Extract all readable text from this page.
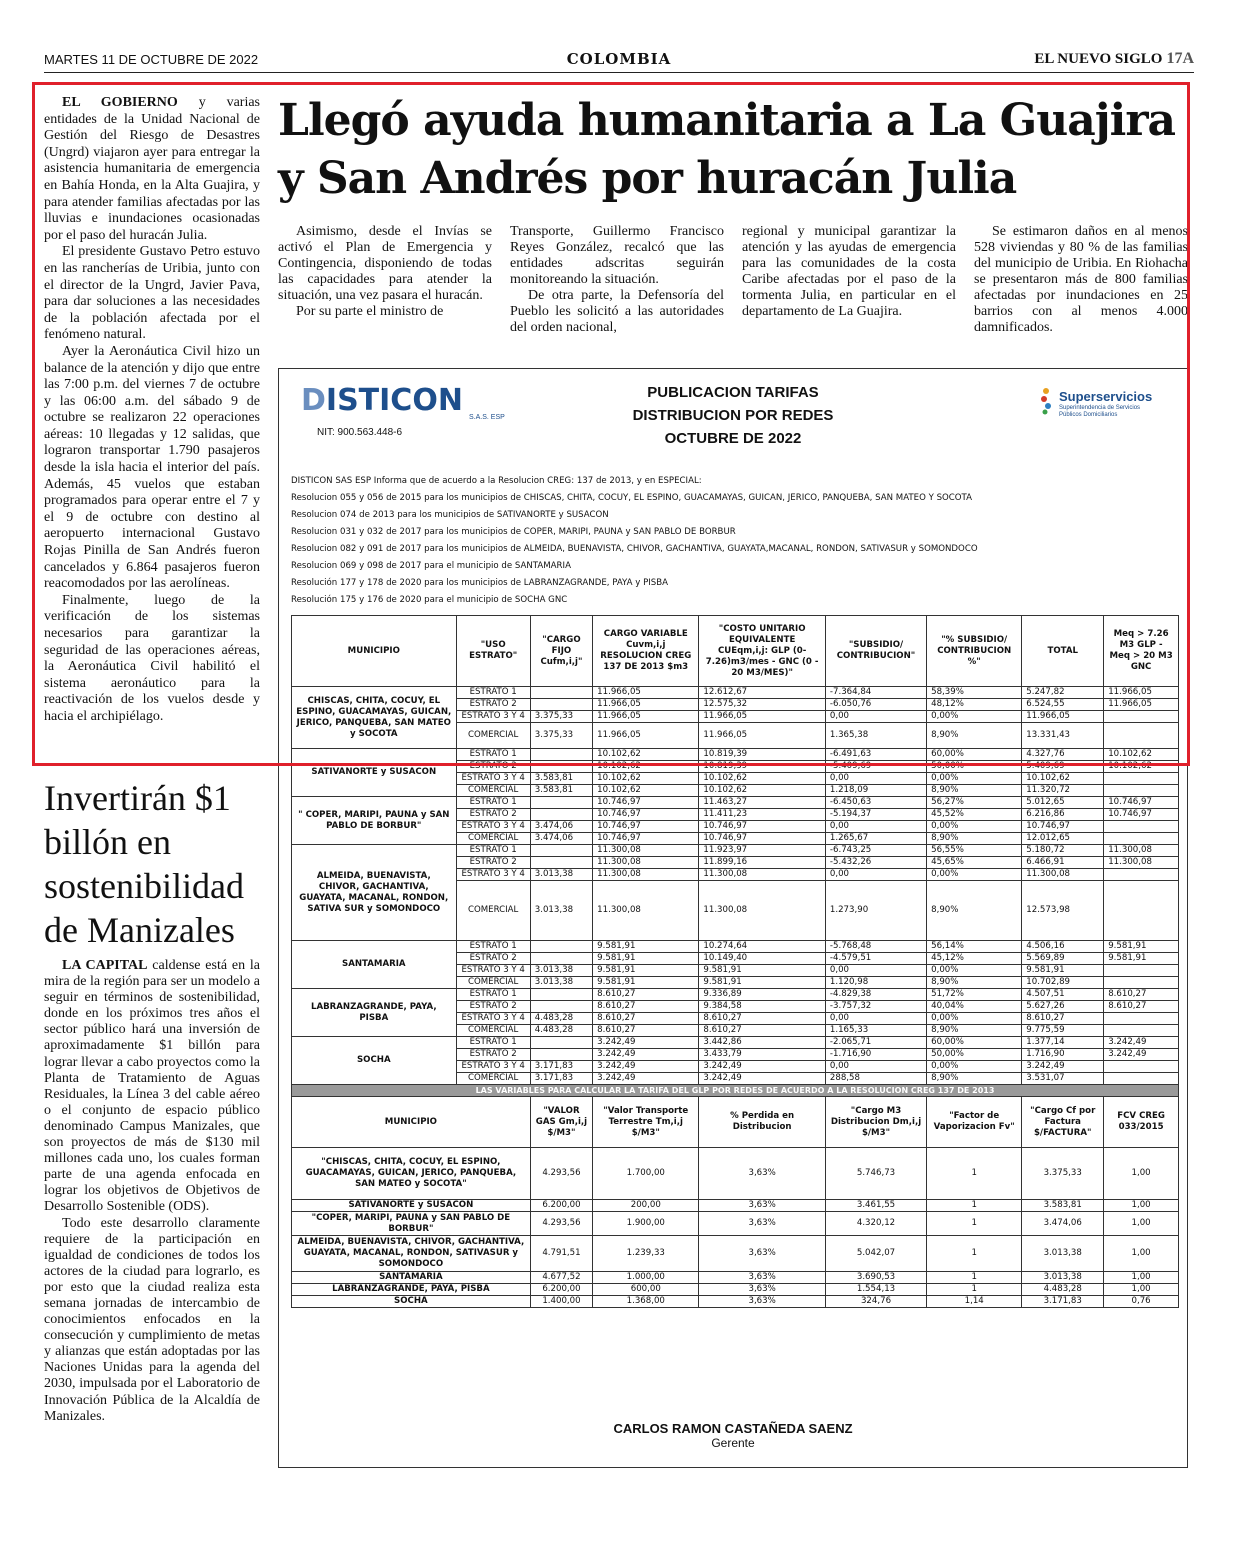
MARTES 11 DE OCTUBRE DE 2022	COLOMBIA	EL NUEVO SIGLO 17A

EL GOBIERNO y varias entidades de la Unidad Nacional de Gestión del Riesgo de Desastres (Ungrd) viajaron ayer para entregar la asistencia humanitaria de emergencia en Bahía Honda, en la Alta Guajira, y para atender familias afectadas por las lluvias e inundaciones ocasionadas por el paso del huracán Julia.

El presidente Gustavo Petro estuvo en las rancherías de Uribia, junto con el director de la Ungrd, Javier Pava, para dar soluciones a las necesidades de la población afectada por el fenómeno natural.

Ayer la Aeronáutica Civil hizo un balance de la atención y dijo que entre las 7:00 p.m. del viernes 7 de octubre y las 06:00 a.m. del sábado 9 de octubre se realizaron 22 operaciones aéreas: 10 llegadas y 12 salidas, que lograron transportar 1.790 pasajeros desde la isla hacia el interior del país. Además, 45 vuelos que estaban programados para operar entre el 7 y el 9 de octubre con destino al aeropuerto internacional Gustavo Rojas Pinilla de San Andrés fueron cancelados y 6.864 pasajeros fueron reacomodados por las aerolíneas.

Finalmente, luego de la verificación de los sistemas necesarios para garantizar la seguridad de las operaciones aéreas, la Aeronáutica Civil habilitó el sistema aeronáutico para la reactivación de los vuelos desde y hacia el archipiélago.

Llegó ayuda humanitaria a La Guajira y San Andrés por huracán Julia

Asimismo, desde el Invías se activó el Plan de Emergencia y Contingencia, disponiendo de todas las capacidades para atender la situación, una vez pasara el huracán.

Por su parte el ministro de

Transporte, Guillermo Francisco Reyes González, recalcó que las entidades adscritas seguirán monitoreando la situación.

De otra parte, la Defensoría del Pueblo les solicitó a las autoridades del orden nacional,

regional y municipal garantizar la atención y las ayudas de emergencia para las comunidades de la costa Caribe afectadas por el paso de la tormenta Julia, en particular en el departamento de La Guajira.

Se estimaron daños en al menos 528 viviendas y 80 % de las familias del municipio de Uribia. En Riohacha se presentaron más de 800 familias afectadas por inundaciones en 25 barrios con al menos 4.000 damnificados.

DISTICON S.A.S. ESP
NIT: 900.563.448-6
PUBLICACION TARIFAS
DISTRIBUCION POR REDES
OCTUBRE DE 2022
Superservicios
Superintendencia de Servicios Públicos Domiciliarios
DISTICON SAS ESP Informa que de acuerdo a la Resolucion CREG: 137 de 2013, y en ESPECIAL:
Resolucion 055 y 056 de 2015 para los municipios de CHISCAS, CHITA, COCUY, EL ESPINO, GUACAMAYAS, GUICAN, JERICO, PANQUEBA, SAN MATEO Y SOCOTA
Resolucion 074 de 2013 para los municipios de SATIVANORTE y SUSACON
Resolucion 031 y 032 de 2017 para los municipios de COPER, MARIPI, PAUNA y SAN PABLO DE BORBUR
Resolucion 082 y 091 de 2017 para los municipios de ALMEIDA, BUENAVISTA, CHIVOR, GACHANTIVA, GUAYATA,MACANAL, RONDON, SATIVASUR y SOMONDOCO
Resolucion 069 y 098 de 2017 para el municipio de SANTAMARIA
Resolución 177 y 178 de 2020 para los municipios de LABRANZAGRANDE, PAYA y PISBA
Resolución 175 y 176 de 2020 para el municipio de SOCHA GNC
MUNICIPIO	"USO ESTRATO"	"CARGO FIJO Cufm,i,j"	CARGO VARIABLE Cuvm,i,j RESOLUCION CREG 137 DE 2013 $m3	"COSTO UNITARIO EQUIVALENTE CUEqm,i,j: GLP (0-7.26)m3/mes - GNC (0 - 20 M3/MES)"	"SUBSIDIO/ CONTRIBUCION"	"% SUBSIDIO/ CONTRIBUCION %"	TOTAL	Meq > 7.26 M3 GLP - Meq > 20 M3 GNC
CHISCAS, CHITA, COCUY, EL ESPINO, GUACAMAYAS, GUICAN, JERICO, PANQUEBA, SAN MATEO y SOCOTA	ESTRATO 1		11.966,05	12.612,67	-7.364,84	58,39%	5.247,82	11.966,05
	ESTRATO 2		11.966,05	12.575,32	-6.050,76	48,12%	6.524,55	11.966,05
	ESTRATO 3 Y 4	3.375,33	11.966,05	11.966,05	0,00	0,00%	11.966,05	
	COMERCIAL	3.375,33	11.966,05	11.966,05	1.365,38	8,90%	13.331,43	
SATIVANORTE y SUSACON	ESTRATO 1		10.102,62	10.819,39	-6.491,63	60,00%	4.327,76	10.102,62
	ESTRATO 2		10.102,62	10.819,39	-5.409,69	50,00%	5.409,69	10.102,62
	ESTRATO 3 Y 4	3.583,81	10.102,62	10.102,62	0,00	0,00%	10.102,62	
	COMERCIAL	3.583,81	10.102,62	10.102,62	1.218,09	8,90%	11.320,72	
" COPER, MARIPI, PAUNA y SAN PABLO DE BORBUR"	ESTRATO 1		10.746,97	11.463,27	-6.450,63	56,27%	5.012,65	10.746,97
	ESTRATO 2		10.746,97	11.411,23	-5.194,37	45,52%	6.216,86	10.746,97
	ESTRATO 3 Y 4	3.474,06	10.746,97	10.746,97	0,00	0,00%	10.746,97	
	COMERCIAL	3.474,06	10.746,97	10.746,97	1.265,67	8,90%	12.012,65	
ALMEIDA, BUENAVISTA, CHIVOR, GACHANTIVA, GUAYATA, MACANAL, RONDON, SATIVA SUR y SOMONDOCO	ESTRATO 1		11.300,08	11.923,97	-6.743,25	56,55%	5.180,72	11.300,08
	ESTRATO 2		11.300,08	11.899,16	-5.432,26	45,65%	6.466,91	11.300,08
	ESTRATO 3 Y 4	3.013,38	11.300,08	11.300,08	0,00	0,00%	11.300,08	
	COMERCIAL	3.013,38	11.300,08	11.300,08	1.273,90	8,90%	12.573,98	
SANTAMARIA	ESTRATO 1		9.581,91	10.274,64	-5.768,48	56,14%	4.506,16	9.581,91
	ESTRATO 2		9.581,91	10.149,40	-4.579,51	45,12%	5.569,89	9.581,91
	ESTRATO 3 Y 4	3.013,38	9.581,91	9.581,91	0,00	0,00%	9.581,91	
	COMERCIAL	3.013,38	9.581,91	9.581,91	1.120,98	8,90%	10.702,89	
LABRANZAGRANDE, PAYA, PISBA	ESTRATO 1		8.610,27	9.336,89	-4.829,38	51,72%	4.507,51	8.610,27
	ESTRATO 2		8.610,27	9.384,58	-3.757,32	40,04%	5.627,26	8.610,27
	ESTRATO 3 Y 4	4.483,28	8.610,27	8.610,27	0,00	0,00%	8.610,27	
	COMERCIAL	4.483,28	8.610,27	8.610,27	1.165,33	8,90%	9.775,59	
SOCHA	ESTRATO 1		3.242,49	3.442,86	-2.065,71	60,00%	1.377,14	3.242,49
	ESTRATO 2		3.242,49	3.433,79	-1.716,90	50,00%	1.716,90	3.242,49
	ESTRATO 3 Y 4	3.171,83	3.242,49	3.242,49	0,00	0,00%	3.242,49	
	COMERCIAL	3.171,83	3.242,49	3.242,49	288,58	8,90%	3.531,07	
LAS VARIABLES PARA CALCULAR LA TARIFA DEL GLP POR REDES DE ACUERDO A LA RESOLUCION CREG 137 DE 2013								
MUNICIPIO		"VALOR GAS Gm,i,j $/M3"	"Valor Transporte Terrestre Tm,i,j $/M3"	% Perdida en Distribucion	"Cargo M3 Distribucion Dm,i,j $/M3"	"Factor de Vaporizacion Fv"	"Cargo Cf por Factura $/FACTURA"	FCV CREG 033/2015
"CHISCAS, CHITA, COCUY, EL ESPINO, GUACAMAYAS, GUICAN, JERICO, PANQUEBA, SAN MATEO y SOCOTA"		4.293,56	1.700,00	3,63%	5.746,73	1	3.375,33	1,00
SATIVANORTE y SUSACON		6.200,00	200,00	3,63%	3.461,55	1	3.583,81	1,00
"COPER, MARIPI, PAUNA y SAN PABLO DE BORBUR"		4.293,56	1.900,00	3,63%	4.320,12	1	3.474,06	1,00
ALMEIDA, BUENAVISTA, CHIVOR, GACHANTIVA, GUAYATA, MACANAL, RONDON, SATIVASUR y SOMONDOCO		4.791,51	1.239,33	3,63%	5.042,07	1	3.013,38	1,00
SANTAMARIA		4.677,52	1.000,00	3,63%	3.690,53	1	3.013,38	1,00
LABRANZAGRANDE, PAYA, PISBA		6.200,00	600,00	3,63%	1.554,13	1	4.483,28	1,00
SOCHA		1.400,00	1.368,00	3,63%	324,76	1,14	3.171,83	0,76
CARLOS RAMON CASTAÑEDA SAENZ
Gerente
Invertirán $1 billón en sostenibilidad de Manizales

LA CAPITAL caldense está en la mira de la región para ser un modelo a seguir en términos de sostenibilidad, donde en los próximos tres años el sector público hará una inversión de aproximadamente $1 billón para lograr llevar a cabo proyectos como la Planta de Tratamiento de Aguas Residuales, la Línea 3 del cable aéreo o el conjunto de espacio público denominado Campus Manizales, que son proyectos de más de $130 mil millones cada uno, los cuales forman parte de una agenda enfocada en lograr los objetivos de Objetivos de Desarrollo Sostenible (ODS).

Todo este desarrollo claramente requiere de la participación en igualdad de condiciones de todos los actores de la ciudad para lograrlo, es por esto que la ciudad realiza esta semana jornadas de intercambio de conocimientos enfocados en la consecución y cumplimiento de metas y alianzas que están adoptadas por las Naciones Unidas para la agenda del 2030, impulsada por el Laboratorio de Innovación Pública de la Alcaldía de Manizales.
